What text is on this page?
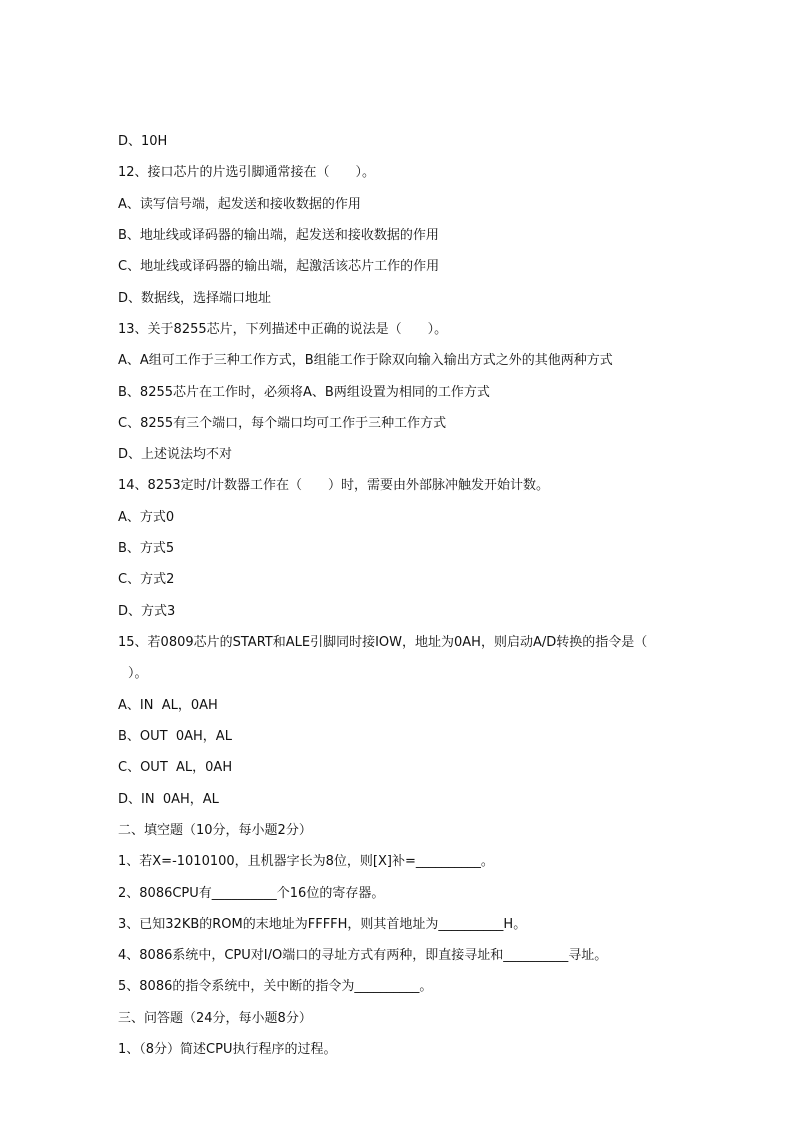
D、10H
12、接口芯片的片选引脚通常接在（　　）。
A、读写信号端，起发送和接收数据的作用
B、地址线或译码器的输出端，起发送和接收数据的作用
C、地址线或译码器的输出端，起激活该芯片工作的作用
D、数据线，选择端口地址
13、关于8255芯片，下列描述中正确的说法是（　　）。
A、A组可工作于三种工作方式，B组能工作于除双向输入输出方式之外的其他两种方式
B、8255芯片在工作时，必须将A、B两组设置为相同的工作方式
C、8255有三个端口，每个端口均可工作于三种工作方式
D、上述说法均不对
14、8253定时/计数器工作在（　　）时，需要由外部脉冲触发开始计数。
A、方式0
B、方式5
C、方式2
D、方式3
15、若0809芯片的START和ALE引脚同时接IOW，地址为0AH，则启动A/D转换的指令是（
）。
A、IN  AL，0AH
B、OUT  0AH，AL
C、OUT  AL，0AH
D、IN  0AH，AL
二、填空题（10分，每小题2分）
1、若X=-1010100，且机器字长为8位，则[X]补=__________。
2、8086CPU有__________个16位的寄存器。
3、已知32KB的ROM的末地址为FFFFH，则其首地址为__________H。
4、8086系统中，CPU对I/O端口的寻址方式有两种，即直接寻址和__________寻址。
5、8086的指令系统中，关中断的指令为__________。
三、问答题（24分，每小题8分）
1、（8分）简述CPU执行程序的过程。
